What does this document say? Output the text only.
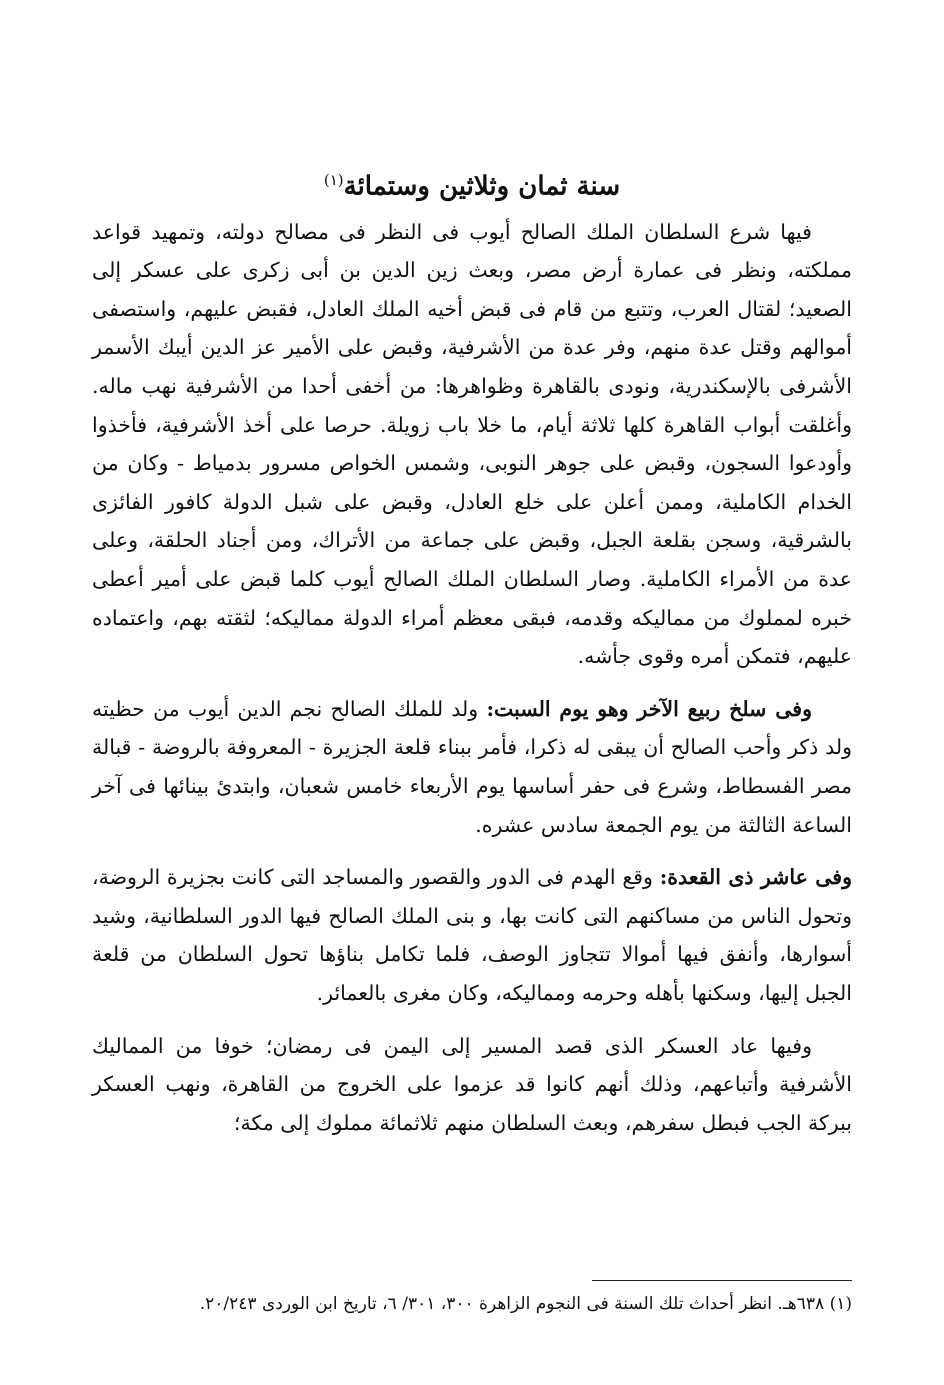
سنة ثمان وثلاثين وستمائة$^{(١)}$

فيها شرع السلطان الملك الصالح أيوب فى النظر فى مصالح دولته، وتمهيد قواعد مملكته، ونظر فى عمارة أرض مصر، وبعث زين الدين بن أبى زكرى على عسكر إلى الصعيد؛ لقتال العرب، وتتبع من قام فى قبض أخيه الملك العادل، فقبض عليهم، واستصفى أموالهم وقتل عدة منهم، وفر عدة من الأشرفية، وقبض على الأمير عز الدين أيبك الأسمر الأشرفى بالإسكندرية، ونودى بالقاهرة وظواهرها: من أخفى أحدا من الأشرفية نهب ماله. وأغلقت أبواب القاهرة كلها ثلاثة أيام، ما خلا باب زويلة. حرصا على أخذ الأشرفية، فأخذوا وأودعوا السجون، وقبض على جوهر النوبى، وشمس الخواص مسرور بدمياط - وكان من الخدام الكاملية، وممن أعلن على خلع العادل، وقبض على شبل الدولة كافور الفائزى بالشرقية، وسجن بقلعة الجبل، وقبض على جماعة من الأتراك، ومن أجناد الحلقة، وعلى عدة من الأمراء الكاملية. وصار السلطان الملك الصالح أيوب كلما قبض على أمير أعطى خبره لمملوك من مماليكه وقدمه، فبقى معظم أمراء الدولة مماليكه؛ لثقته بهم، واعتماده عليهم، فتمكن أمره وقوى جأشه.

وفى سلخ ربيع الآخر وهو يوم السبت: ولد للملك الصالح نجم الدين أيوب من حظيته ولد ذكر وأحب الصالح أن يبقى له ذكرا، فأمر ببناء قلعة الجزيرة - المعروفة بالروضة - قبالة مصر الفسطاط، وشرع فى حفر أساسها يوم الأربعاء خامس شعبان، وابتدئ بينائها فى آخر الساعة الثالثة من يوم الجمعة سادس عشره.

وفى عاشر ذى القعدة: وقع الهدم فى الدور والقصور والمساجد التى كانت بجزيرة الروضة، وتحول الناس من مساكنهم التى كانت بها، و بنى الملك الصالح فيها الدور السلطانية، وشيد أسوارها، وأنفق فيها أموالا تتجاوز الوصف، فلما تكامل بناؤها تحول السلطان من قلعة الجبل إليها، وسكنها بأهله وحرمه ومماليكه، وكان مغرى بالعمائر.

وفيها عاد العسكر الذى قصد المسير إلى اليمن فى رمضان؛ خوفا من المماليك الأشرفية وأتباعهم، وذلك أنهم كانوا قد عزموا على الخروج من القاهرة، ونهب العسكر ببركة الجب فبطل سفرهم، وبعث السلطان منهم ثلاثمائة مملوك إلى مكة؛

(١) ٦٣٨هـ. انظر أحداث تلك السنة فى النجوم الزاهرة ٣٠٠، ٣٠١/ ٦، تاريخ ابن الوردى ٢٠/٢٤٣.
